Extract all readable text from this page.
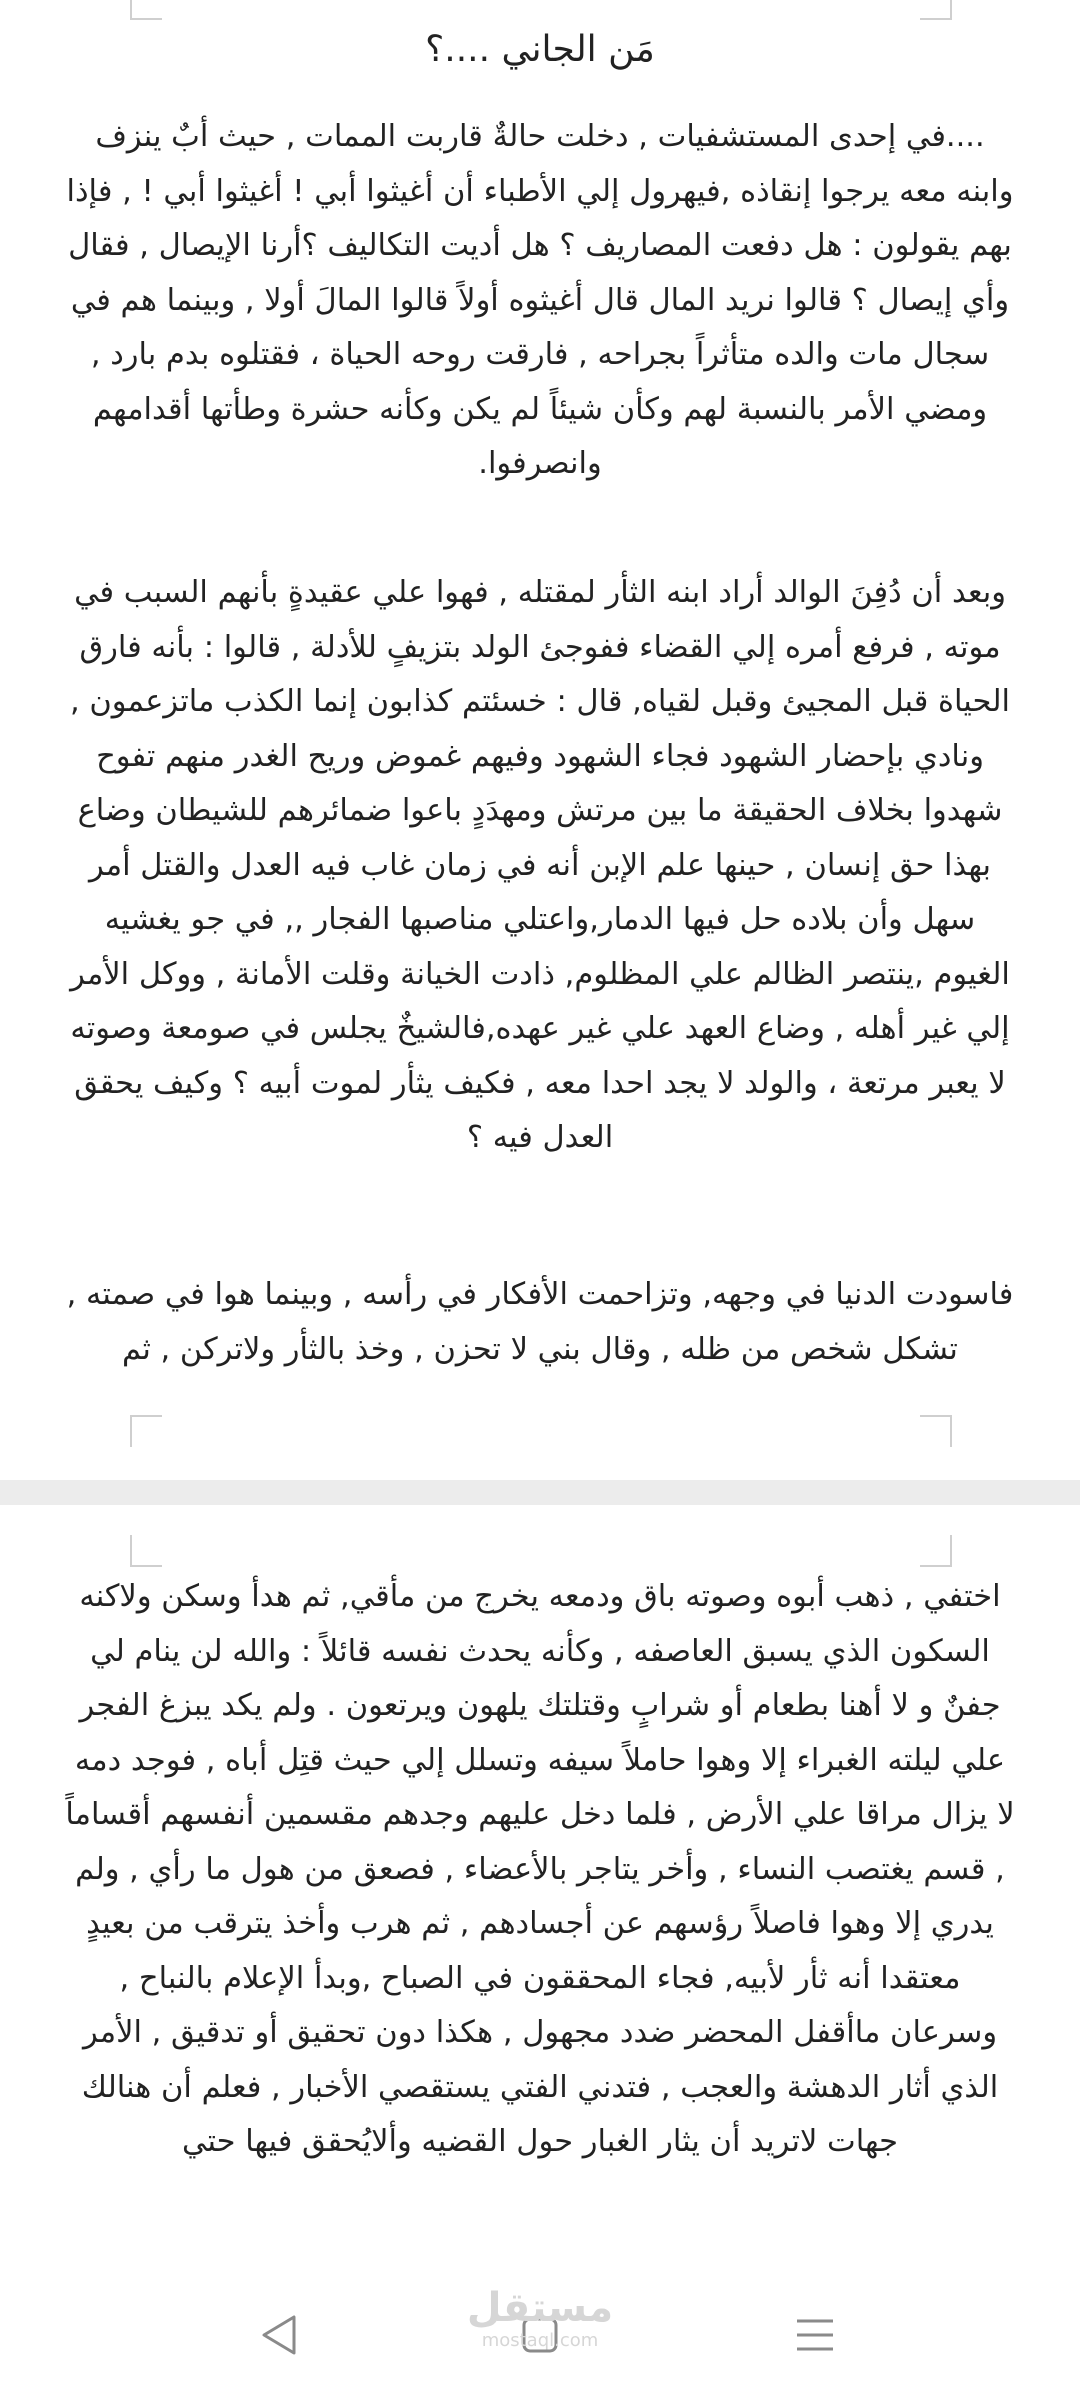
مَن الجاني ....؟

....في إحدى المستشفيات , دخلت حالةٌ قاربت الممات , حيث أبٌ ينزف وابنه معه يرجوا إنقاذه ,فيهرول إلي الأطباء أن أغيثوا أبي ! أغيثوا أبي ! , فإذا بهم يقولون : هل دفعت المصاريف ؟ هل أديت التكاليف ؟أرنا الإيصال , فقال وأي إيصال ؟ قالوا نريد المال قال أغيثوه أولاً قالوا المالَ أولا , وبينما هم في سجال مات والده متأثراً بجراحه , فارقت روحه الحياة ، فقتلوه بدم بارد , ومضي الأمر بالنسبة لهم وكأن شيئاً لم يكن وكأنه حشرة وطأتها أقدامهم وانصرفوا.

وبعد أن دُفِنَ الوالد أراد ابنه الثأر لمقتله , فهوا علي عقيدةٍ بأنهم السبب في موته , فرفع أمره إلي القضاء ففوجئ الولد بتزيفٍ للأدلة , قالوا : بأنه فارق الحياة قبل المجيئ وقبل لقياه, قال : خسئتم كذابون إنما الكذب ماتزعمون , ونادي بإحضار الشهود فجاء الشهود وفيهم غموض وريح الغدر منهم تفوح شهدوا بخلاف الحقيقة ما بين مرتش ومهدَدٍ باعوا ضمائرهم للشيطان وضاع بهذا حق إنسان , حينها علم الإبن أنه في زمان غاب فيه العدل والقتل أمر سهل وأن بلاده حل فيها الدمار,واعتلي مناصبها الفجار ,, في جو يغشيه الغيوم ,ينتصر الظالم علي المظلوم, ذادت الخيانة وقلت الأمانة , ووكل الأمر إلي غير أهله , وضاع العهد علي غير عهده,فالشيخٌ يجلس في صومعة وصوته لا يعبر مرتعة ، والولد لا يجد احدا معه , فكيف يثأر لموت أبيه ؟ وكيف يحقق العدل فيه ؟

فاسودت الدنيا في وجهه, وتزاحمت الأفكار في رأسه , وبينما هوا في صمته , تشكل شخص من ظله , وقال بني لا تحزن , وخذ بالثأر ولاتركن , ثم

اختفي , ذهب أبوه وصوته باق ودمعه يخرج من مأقي, ثم هدأ وسكن ولاكنه السكون الذي يسبق العاصفه , وكأنه يحدث نفسه قائلاً : والله لن ينام لي جفنٌ و لا أهنا بطعام أو شرابٍ وقتلتك يلهون ويرتعون . ولم يكد يبزغ الفجر علي ليلته الغبراء إلا وهوا حاملاً سيفه وتسلل إلي حيث قتِل أباه , فوجد دمه لا يزال مراقا علي الأرض , فلما دخل عليهم وجدهم مقسمين أنفسهم أقساماً , قسم يغتصب النساء , وأخر يتاجر بالأعضاء , فصعق من هول ما رأي , ولم يدري إلا وهوا فاصلاً رؤسهم عن أجسادهم , ثم هرب وأخذ يترقب من بعيدٍ معتقدا أنه ثأر لأبيه, فجاء المحققون في الصباح ,وبدأ الإعلام بالنباح , وسرعان ماأقفل المحضر ضدد مجهول , هكذا دون تحقيق أو تدقيق , الأمر الذي أثار الدهشة والعجب , فتدني الفتي يستقصي الأخبار , فعلم أن هنالك جهات لاتريد أن يثار الغبار حول القضيه وألايُحقق فيها حتي

مستقل
mostaql.com
